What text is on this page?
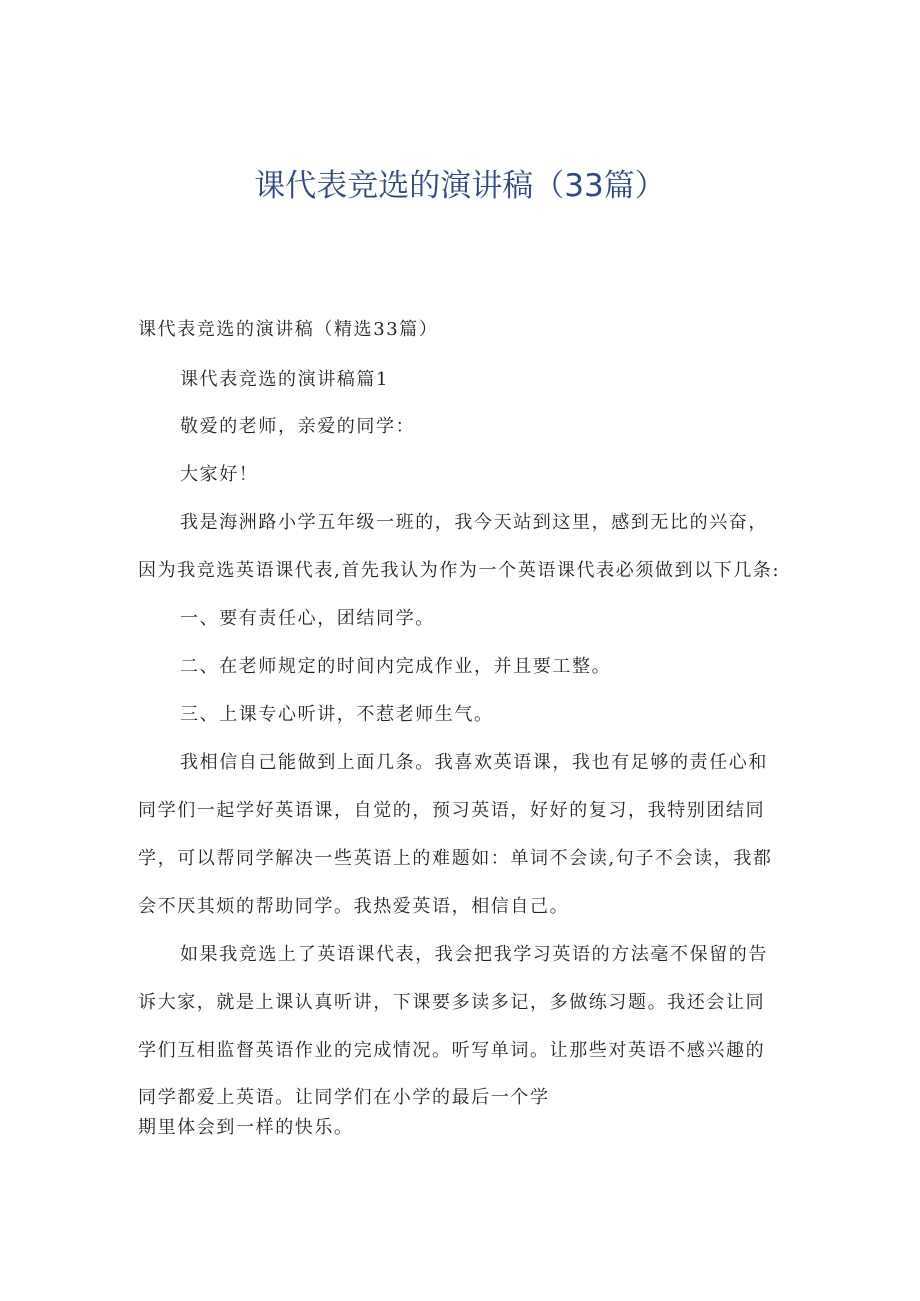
课代表竞选的演讲稿（33篇）

课代表竞选的演讲稿（精选33篇）

课代表竞选的演讲稿篇1

敬爱的老师，亲爱的同学：

大家好！

我是海洲路小学五年级一班的，我今天站到这里，感到无比的兴奋，

因为我竞选英语课代表,首先我认为作为一个英语课代表必须做到以下几条:

一、要有责任心，团结同学。

二、在老师规定的时间内完成作业，并且要工整。

三、上课专心听讲，不惹老师生气。

我相信自己能做到上面几条。我喜欢英语课，我也有足够的责任心和

同学们一起学好英语课，自觉的，预习英语，好好的复习，我特别团结同

学，可以帮同学解决一些英语上的难题如：单词不会读,句子不会读，我都

会不厌其烦的帮助同学。我热爱英语，相信自己。

如果我竞选上了英语课代表，我会把我学习英语的方法毫不保留的告

诉大家，就是上课认真听讲，下课要多读多记，多做练习题。我还会让同

学们互相监督英语作业的完成情况。听写单词。让那些对英语不感兴趣的

同学都爱上英语。让同学们在小学的最后一个学

期里体会到一样的快乐。
